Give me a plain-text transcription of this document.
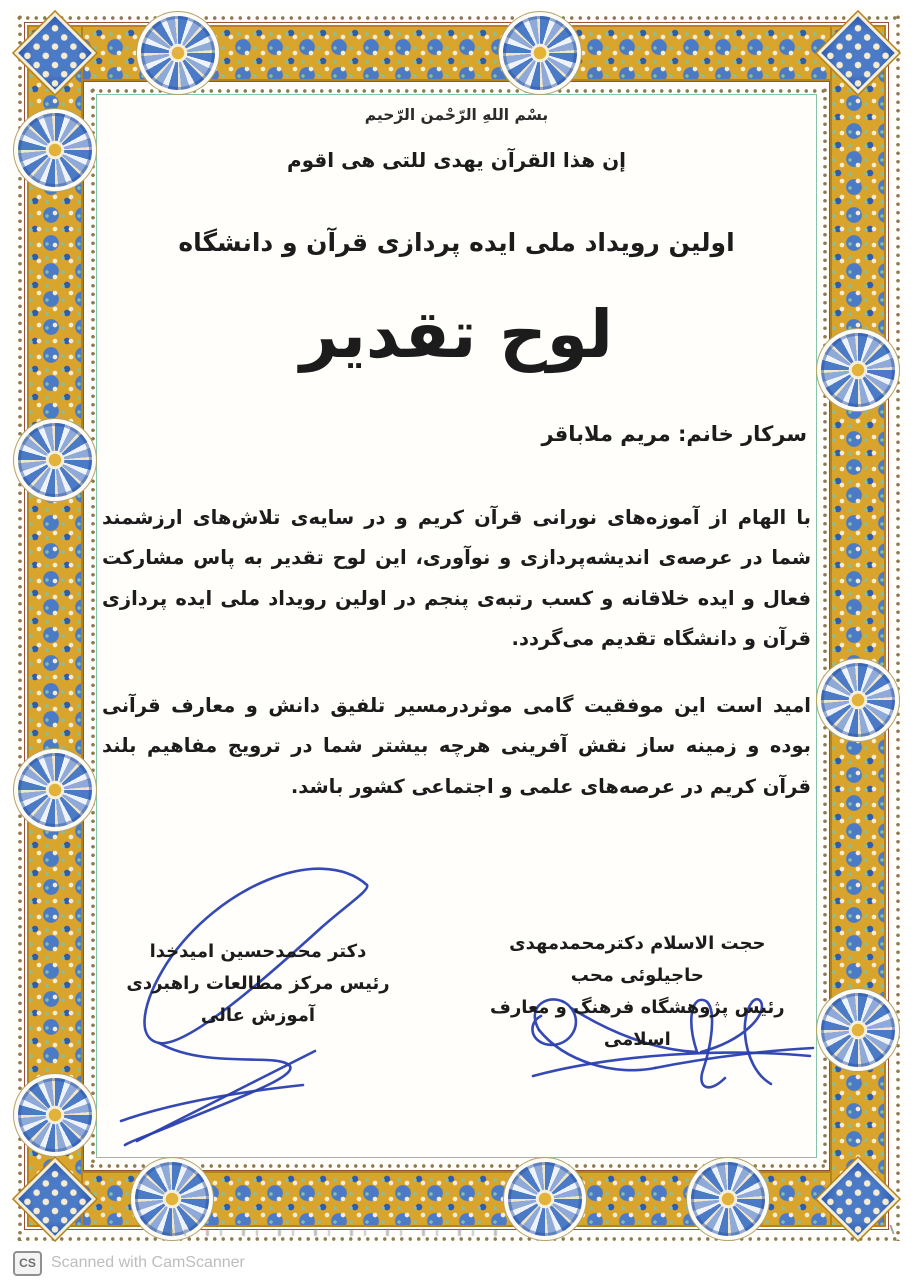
بسْم اللهِ الرّحْمن الرّحیم
إن هذا القرآن یهدی للتی هی اقوم
اولین رویداد ملی ایده پردازی قرآن و دانشگاه
لوح تقدیر
سرکار خانم: مریم ملاباقر
با الهام از آموزه‌های نورانی قرآن کریم و در سایه‌ی تلاش‌های ارزشمند شما در عرصه‌ی اندیشه‌پردازی و نوآوری، این لوح تقدیر به پاس مشارکت فعال و ایده خلاقانه و کسب رتبه‌ی پنجم در اولین رویداد ملی ایده پردازی قرآن و دانشگاه تقدیم می‌گردد.
امید است این موفقیت گامی موثردرمسیر تلفیق دانش و معارف قرآنی بوده و زمینه ساز نقش آفرینی هرچه بیشتر شما در ترویج مفاهیم بلند قرآن کریم در عرصه‌های علمی و اجتماعی کشور باشد.
حجت الاسلام دکترمحمدمهدی حاجیلوئی محب
رئیس پژوهشگاه فرهنگ و معارف اسلامی
دکتر محمدحسین امیدخدا
رئیس مرکز مطالعات راهبردی آموزش عالی
CS Scanned with CamScanner
